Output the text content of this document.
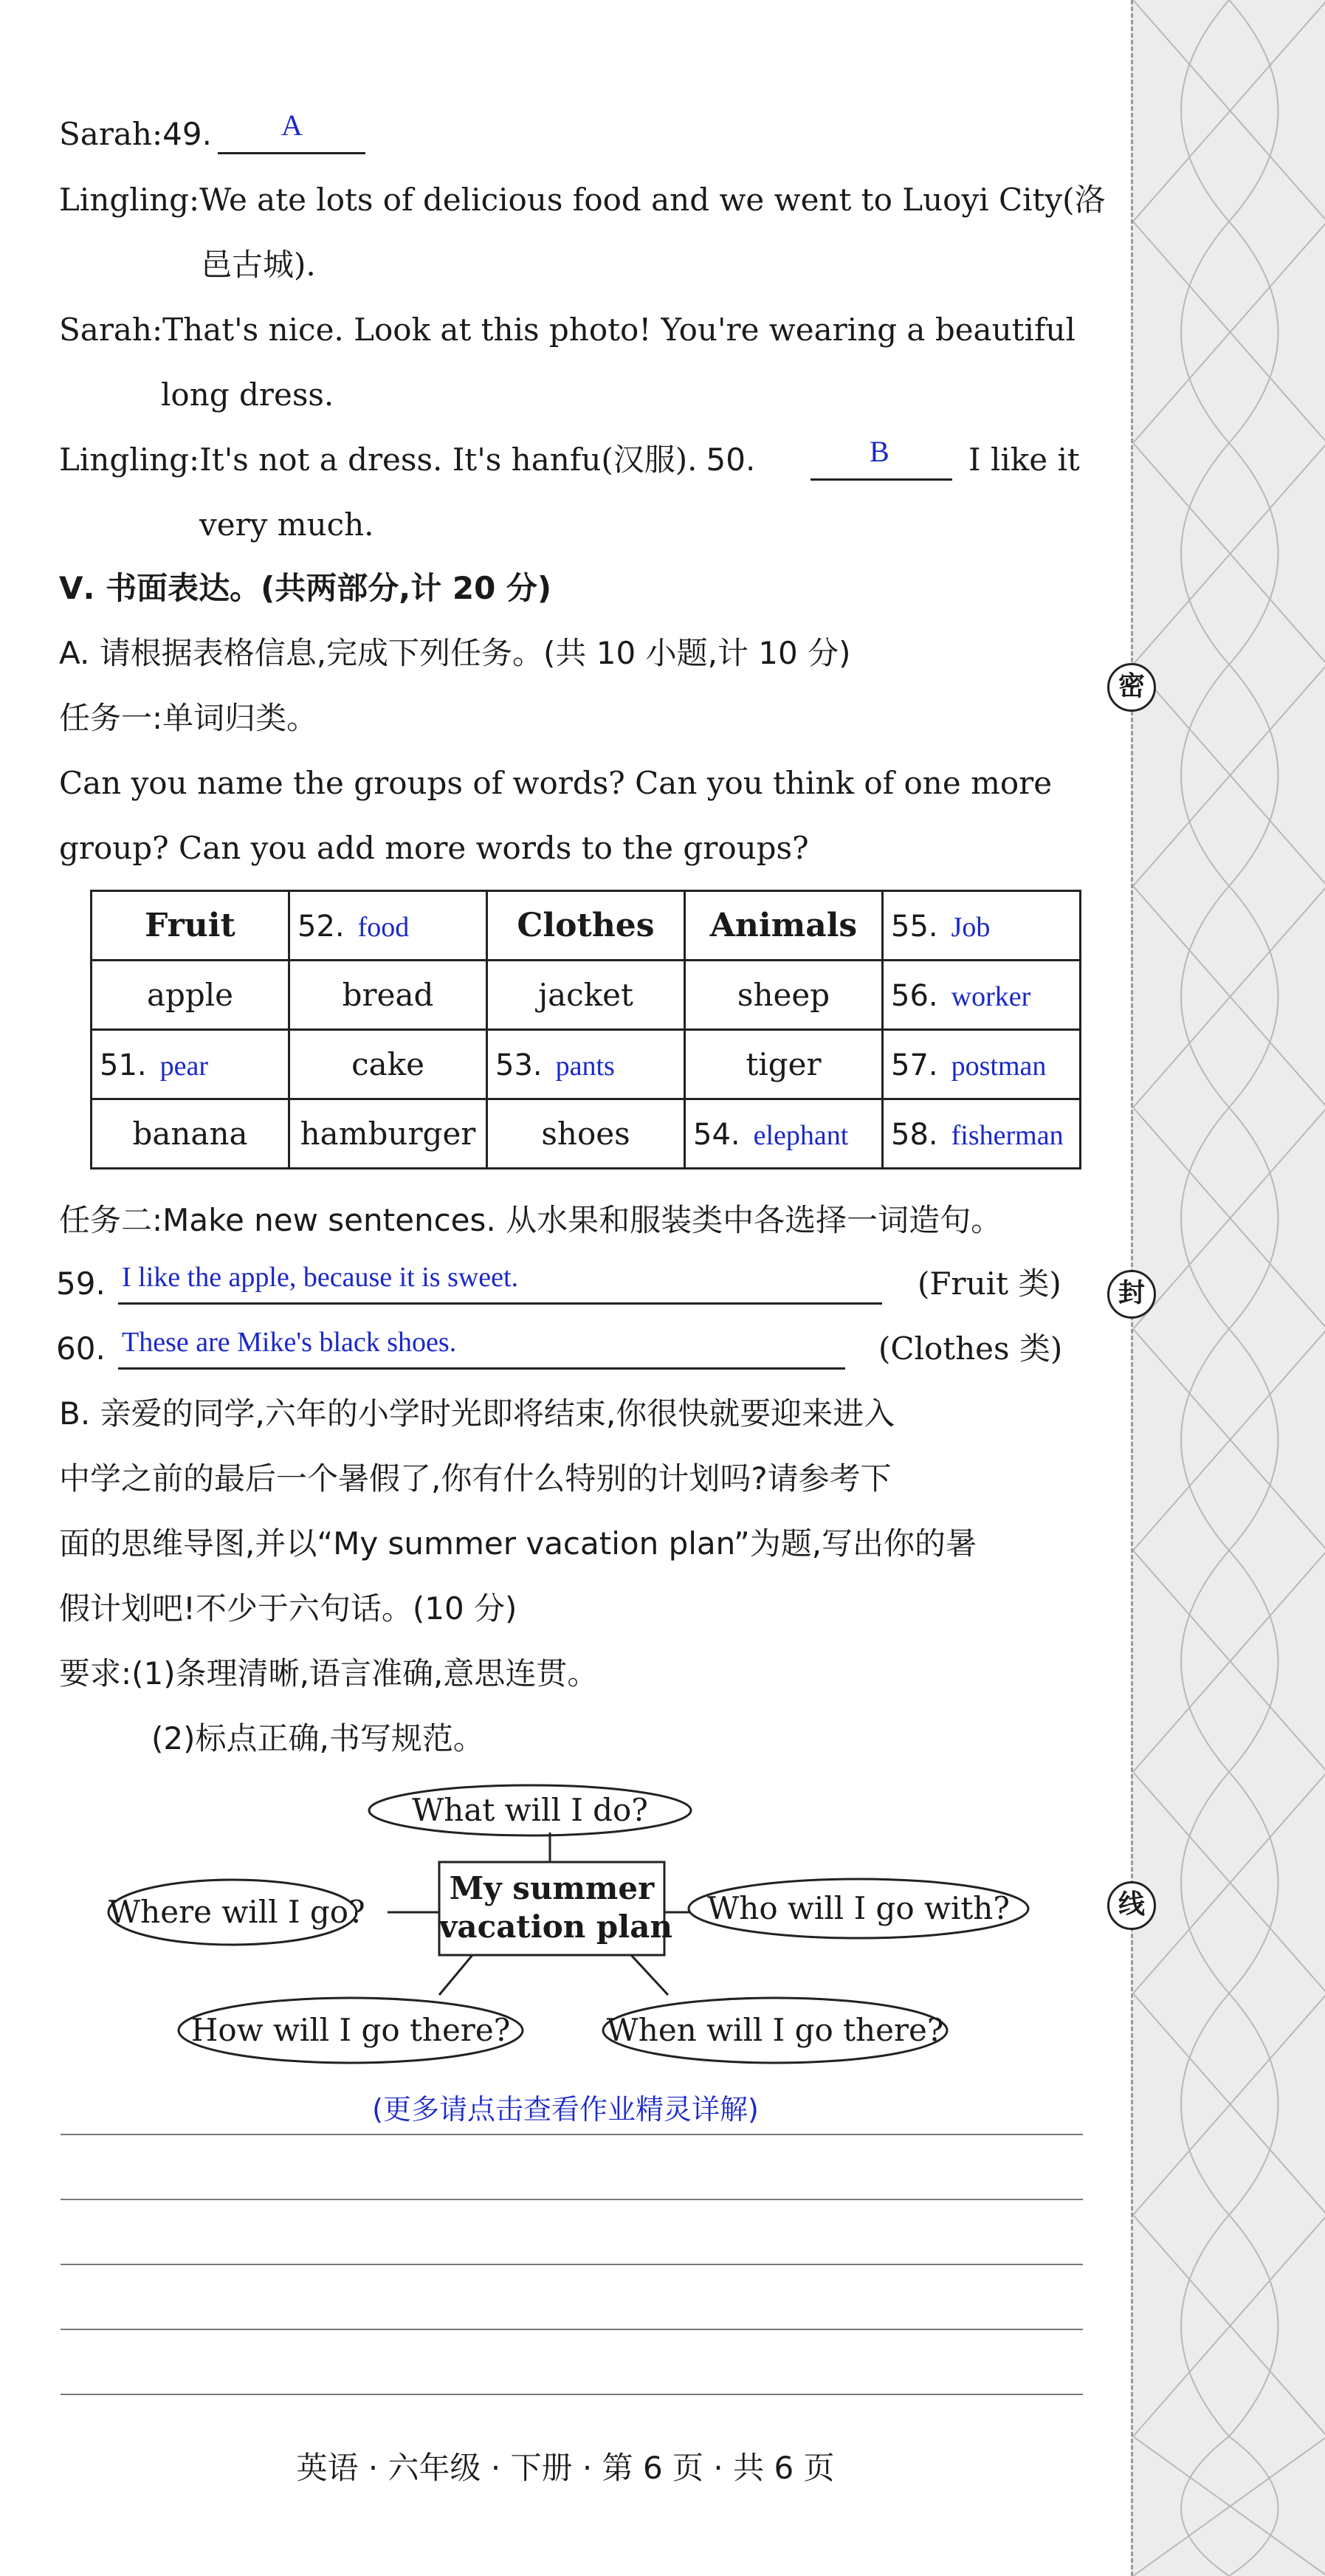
密
封
线
Sarah:49. A
Lingling:We ate lots of delicious food and we went to Luoyi City(洛
邑古城).
Sarah:That's nice. Look at this photo! You're wearing a beautiful
long dress.
Lingling:It's not a dress. It's hanfu(汉服). 50.	B	I like it
very much.
Ⅴ. 书面表达。(共两部分,计 20 分)
A. 请根据表格信息,完成下列任务。(共 10 小题,计 10 分)
任务一:单词归类。
Can you name the groups of words? Can you think of one more
group? Can you add more words to the groups?
Fruit	52. food	Clothes	Animals	55. Job
apple	bread	jacket	sheep	56. worker
51. pear	cake	53. pants	tiger	57. postman
banana	hamburger	shoes	54. elephant	58. fisherman
任务二:Make new sentences. 从水果和服装类中各选择一词造句。
59. I like the apple, because it is sweet.	(Fruit 类)
60. These are Mike's black shoes.	(Clothes 类)
B. 亲爱的同学,六年的小学时光即将结束,你很快就要迎来进入
中学之前的最后一个暑假了,你有什么特别的计划吗?请参考下
面的思维导图,并以“My summer vacation plan”为题,写出你的暑
假计划吧!不少于六句话。(10 分)
要求:(1)条理清晰,语言准确,意思连贯。
(2)标点正确,书写规范。
What will I do?
Where will I go?	Who will I go with?
How will I go there?	When will I go there?
My summer
vacation plan
(更多请点击查看作业精灵详解)
英语 · 六年级 · 下册 · 第 6 页 · 共 6 页
